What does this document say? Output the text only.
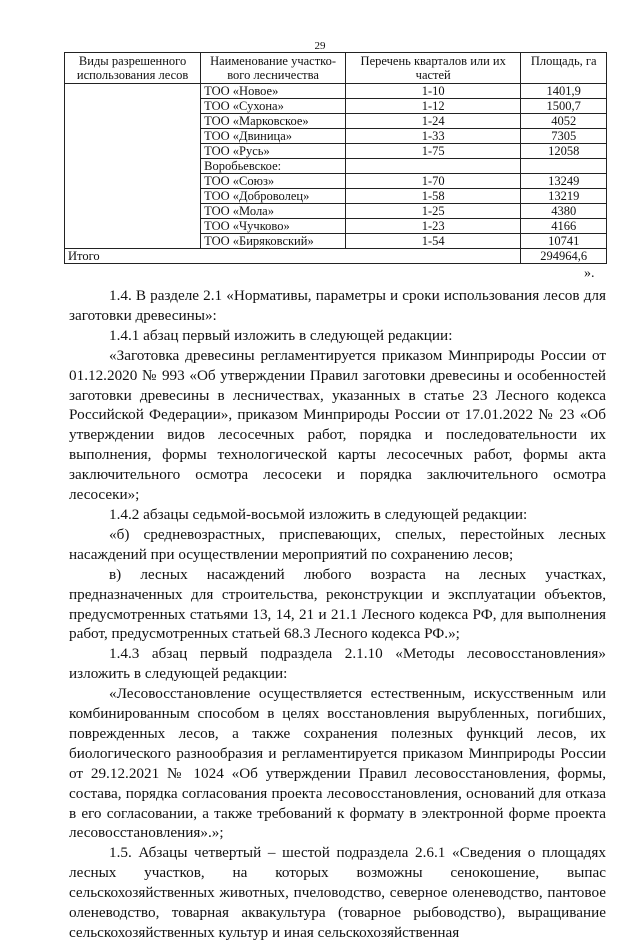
29
Виды разрешенного использования лесов	Наименование участко-вого лесничества	Перечень кварталов или их частей	Площадь, га
	ТОО «Новое»	1-10	1401,9
	ТОО «Сухона»	1-12	1500,7
	ТОО «Марковское»	1-24	4052
	ТОО «Двиница»	1-33	7305
	ТОО «Русь»	1-75	12058
	Воробьевское:		
	ТОО «Союз»	1-70	13249
	ТОО «Доброволец»	1-58	13219
	ТОО «Мола»	1-25	4380
	ТОО «Чучково»	1-23	4166
	ТОО «Биряковский»	1-54	10741
Итого			294964,6
».

1.4. В разделе 2.1 «Нормативы, параметры и сроки использования лесов для заготовки древесины»:

1.4.1 абзац первый изложить в следующей редакции:

«Заготовка древесины регламентируется приказом Минприроды России от 01.12.2020 № 993 «Об утверждении Правил заготовки древесины и особенностей заготовки древесины в лесничествах, указанных в статье 23 Лесного кодекса Российской Федерации», приказом Минприроды России от 17.01.2022 № 23 «Об утверждении видов лесосечных работ, порядка и последовательности их выполнения, формы технологической карты лесосечных работ, формы акта заключительного осмотра лесосеки и порядка заключительного осмотра лесосеки»;

1.4.2 абзацы седьмой-восьмой изложить в следующей редакции:

«б) средневозрастных, приспевающих, спелых, перестойных лесных насаждений при осуществлении мероприятий по сохранению лесов;

в) лесных насаждений любого возраста на лесных участках, предназначенных для строительства, реконструкции и эксплуатации объектов, предусмотренных статьями 13, 14, 21 и 21.1 Лесного кодекса РФ, для выполнения работ, предусмотренных статьей 68.3 Лесного кодекса РФ.»;

1.4.3 абзац первый подраздела 2.1.10 «Методы лесовосстановления» изложить в следующей редакции:

«Лесовосстановление осуществляется естественным, искусственным или комбинированным способом в целях восстановления вырубленных, погибших, поврежденных лесов, а также сохранения полезных функций лесов, их биологического разнообразия и регламентируется приказом Минприроды России от 29.12.2021 № 1024 «Об утверждении Правил лесовосстановления, формы, состава, порядка согласования проекта лесовосстановления, оснований для отказа в его согласовании, а также требований к формату в электронной форме проекта лесовосстановления».»;

1.5. Абзацы четвертый – шестой подраздела 2.6.1 «Сведения о площадях лесных участков, на которых возможны сенокошение, выпас сельскохозяйственных животных, пчеловодство, северное оленеводство, пантовое оленеводство, товарная аквакультура (товарное рыбоводство), выращивание сельскохозяйственных культур и иная сельскохозяйственная
